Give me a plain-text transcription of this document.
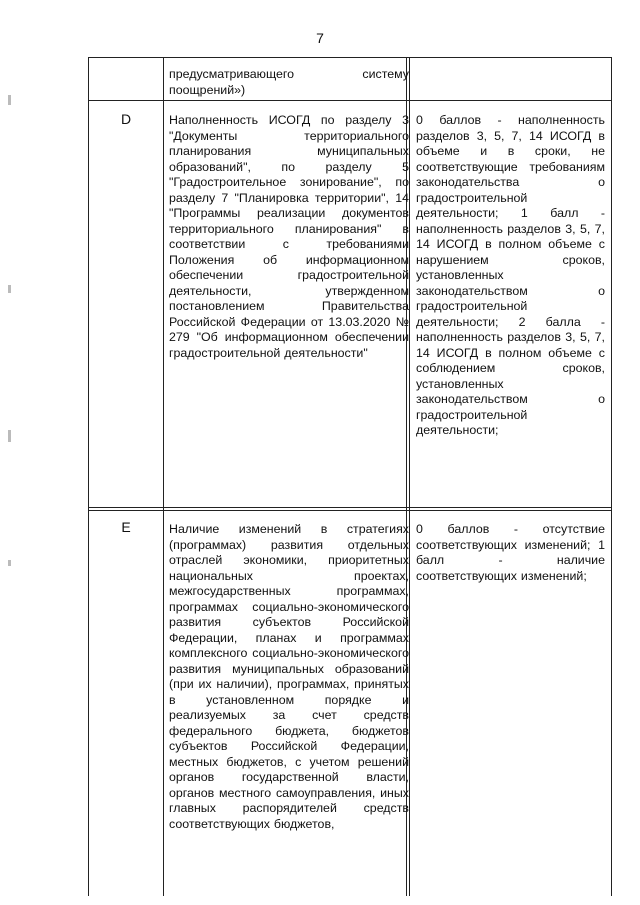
7
предусматривающего систему поощрений»)
D	Наполненность ИСОГД по разделу 3 "Документы территориального планирования муниципальных образований", по разделу 5 "Градостроительное зонирование", по разделу 7 "Планировка территории", 14 "Программы реализации документов территориального планирования" в соответствии с требованиями Положения об информационном обеспечении градостроительной деятельности, утвержденном постановлением Правительства Российской Федерации от 13.03.2020 № 279 "Об информационном обеспечении градостроительной деятельности"
0 баллов - наполненность разделов 3, 5, 7, 14 ИСОГД в объеме и в сроки, не соответствующие требованиям законодательства о градостроительной деятельности; 1 балл - наполненность разделов 3, 5, 7, 14 ИСОГД в полном объеме с нарушением сроков, установленных законодательством о градостроительной деятельности; 2 балла - наполненность разделов 3, 5, 7, 14 ИСОГД в полном объеме с соблюдением сроков, установленных законодательством о градостроительной деятельности;
E	Наличие изменений в стратегиях (программах) развития отдельных отраслей экономики, приоритетных национальных проектах, межгосударственных программах, программах социально-экономического развития субъектов Российской Федерации, планах и программах комплексного социально-экономического развития муниципальных образований (при их наличии), программах, принятых в установленном порядке и реализуемых за счет средств федерального бюджета, бюджетов субъектов Российской Федерации, местных бюджетов, с учетом решений органов государственной власти, органов местного самоуправления, иных главных распорядителей средств соответствующих бюджетов,
0 баллов - отсутствие соответствующих изменений; 1 балл - наличие соответствующих изменений;
